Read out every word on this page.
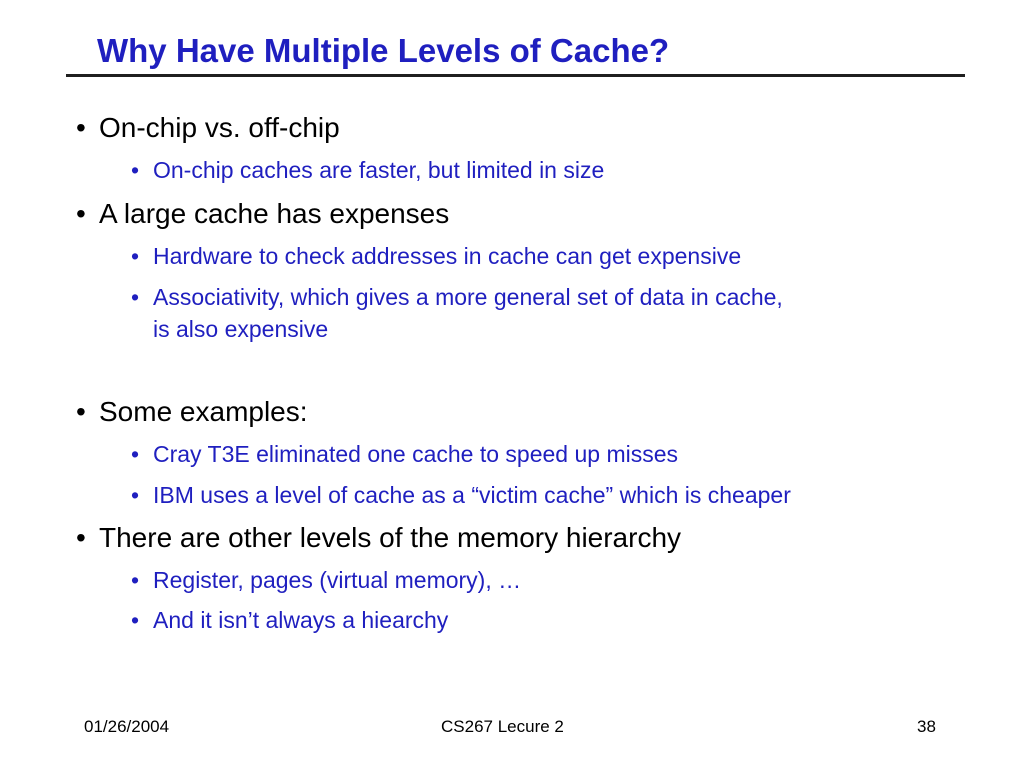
Why Have Multiple Levels of Cache?
• On-chip vs. off-chip
• On-chip caches are faster, but limited in size
• A large cache has expenses
• Hardware to check addresses in cache can get expensive
• Associativity, which gives a more general set of data in cache,
is also expensive
• Some examples:
• Cray T3E eliminated one cache to speed up misses
• IBM uses a level of cache as a “victim cache” which is cheaper
• There are other levels of the memory hierarchy
• Register, pages (virtual memory), …
• And it isn’t always a hiearchy
01/26/2004	CS267 Lecure 2	38
